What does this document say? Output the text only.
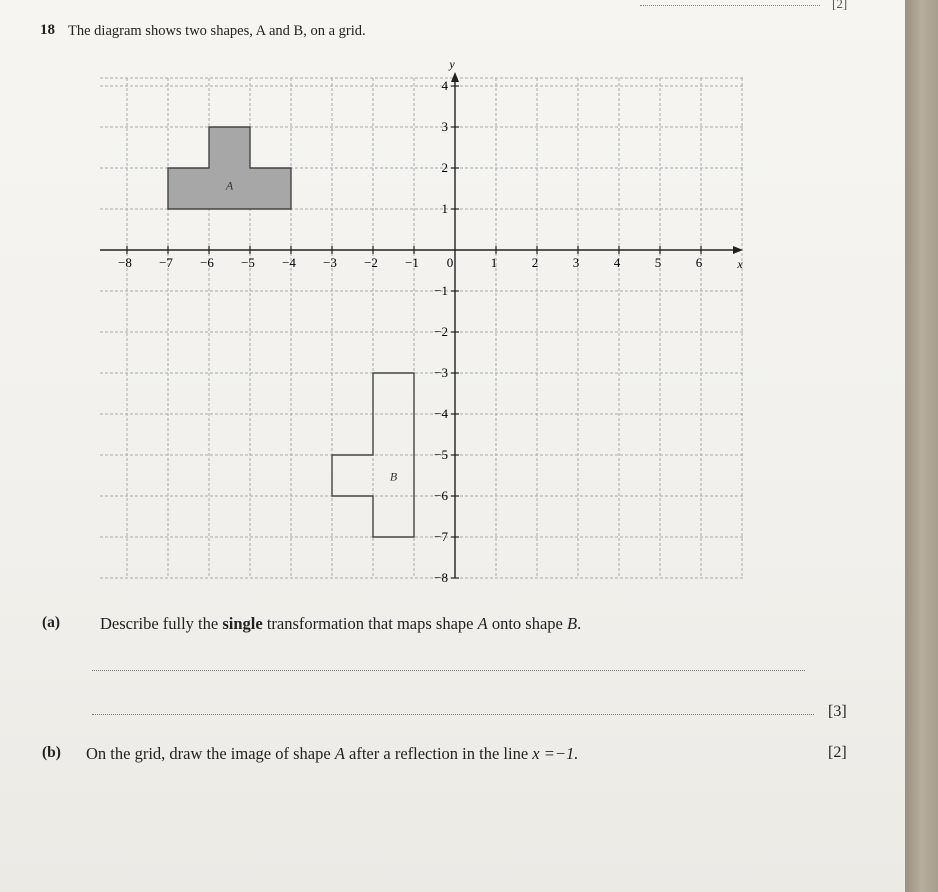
[2]
18 The diagram shows two shapes, A and B, on a grid.
A
B
x
y
−8 −7 −6 −5 −4 −3 −2 −1 0	1	2	3	4	5	6
4
3
2
1
−1
−2
−3
−4
−5
−6
−7
−8
(a) Describe fully the single transformation that maps shape A onto shape B.
[3]
(b) On the grid, draw the image of shape A after a reflection in the line x =−1.	[2]
